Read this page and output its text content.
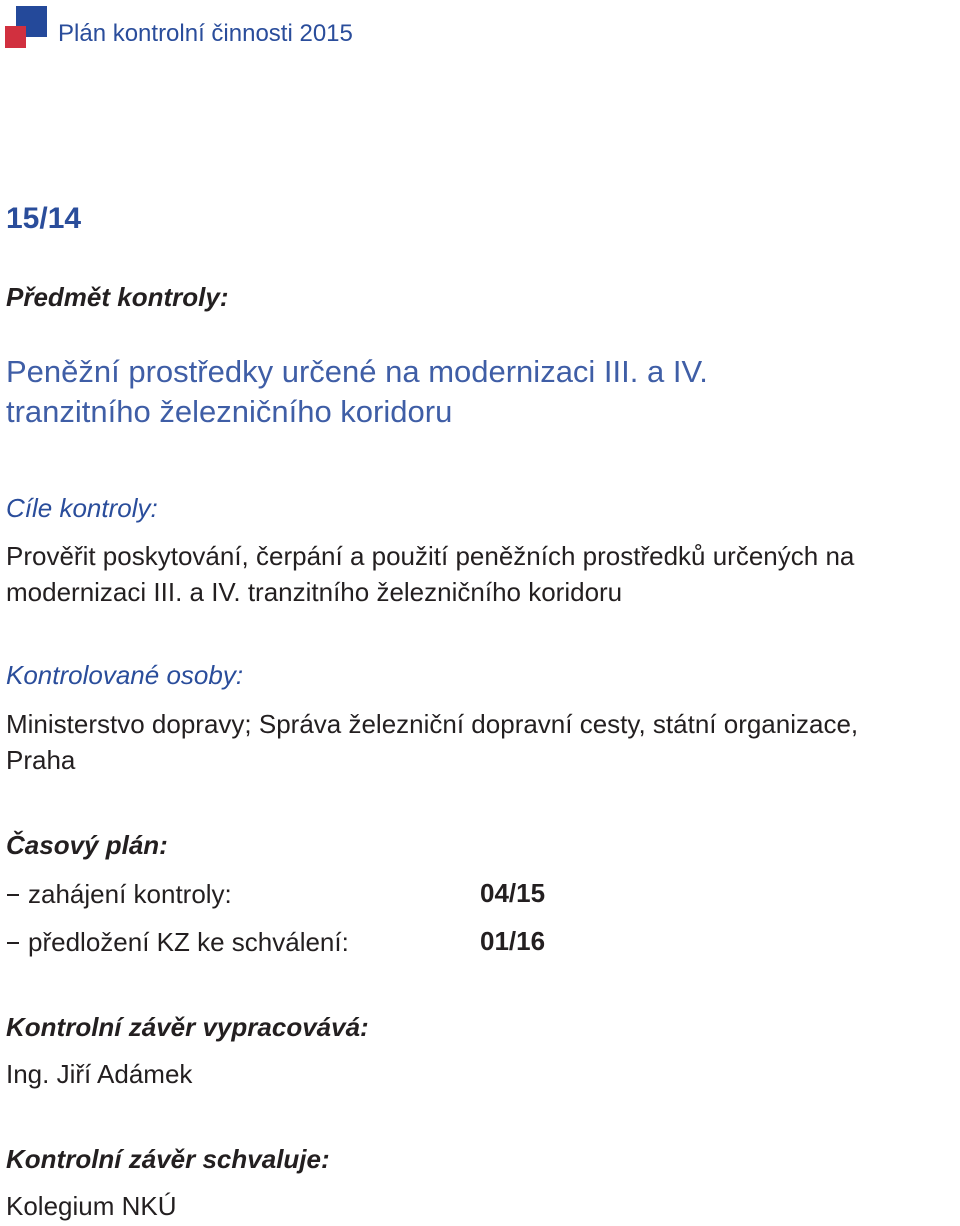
Plán kontrolní činnosti 2015
15/14
Předmět kontroly:
Peněžní prostředky určené na modernizaci III. a IV.
tranzitního železničního koridoru
Cíle kontroly:
Prověřit poskytování, čerpání a použití peněžních prostředků určených na
modernizaci III. a IV. tranzitního železničního koridoru
Kontrolované osoby:
Ministerstvo dopravy; Správa železniční dopravní cesty, státní organizace,
Praha
Časový plán:
zahájení kontroly:	04/15
předložení KZ ke schválení:	01/16
Kontrolní závěr vypracovává:
Ing. Jiří Adámek
Kontrolní závěr schvaluje:
Kolegium NKÚ
